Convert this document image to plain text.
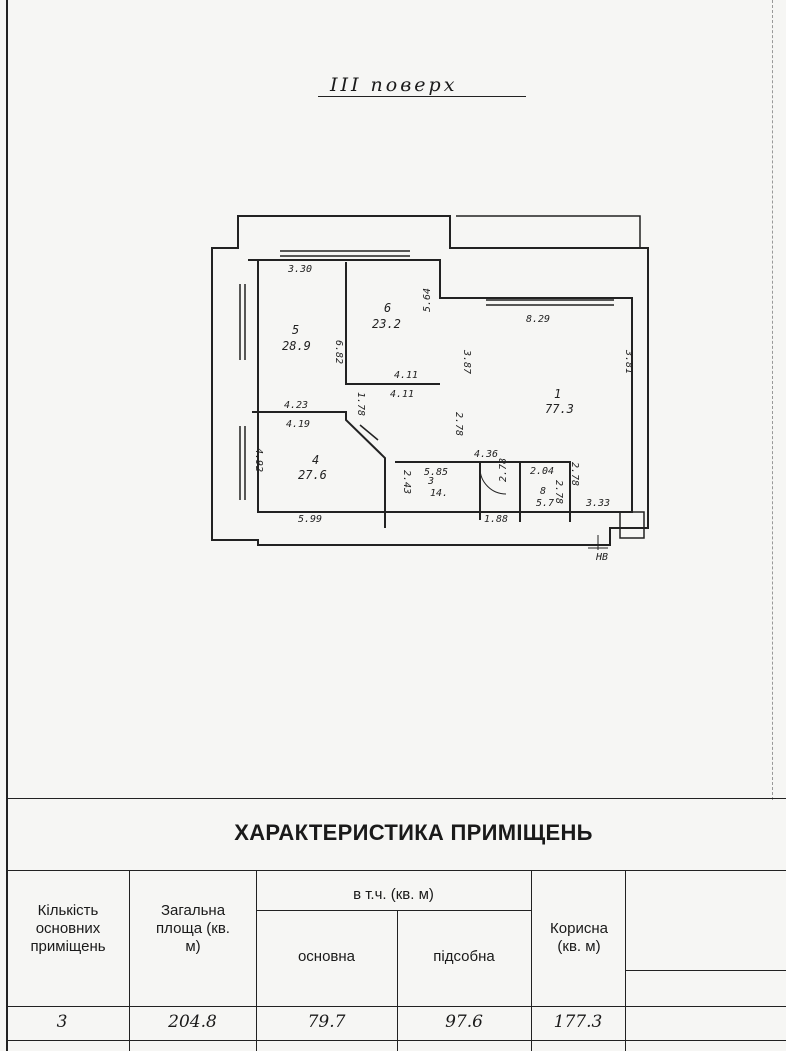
ІІІ поверх
5
28.9
6
23.2
1
77.3
4
27.6	3
14.	8
5.7
3.30
6.82
5.64
8.29
3.87	3.81
4.11
4.11
4.23
4.19
1.78
2.78
4.36
5.85
4.92
5.99
2.04
2.43
2.78
2.78 3.33
1.88
2.78
НВ
ХАРАКТЕРИСТИКА ПРИМІЩЕНЬ
Кількість основних приміщень
Загальна площа (кв. м)
в т.ч. (кв. м)
основна	підсобна
Корисна (кв. м)
3	204.8	79.7	97.6	177.3
